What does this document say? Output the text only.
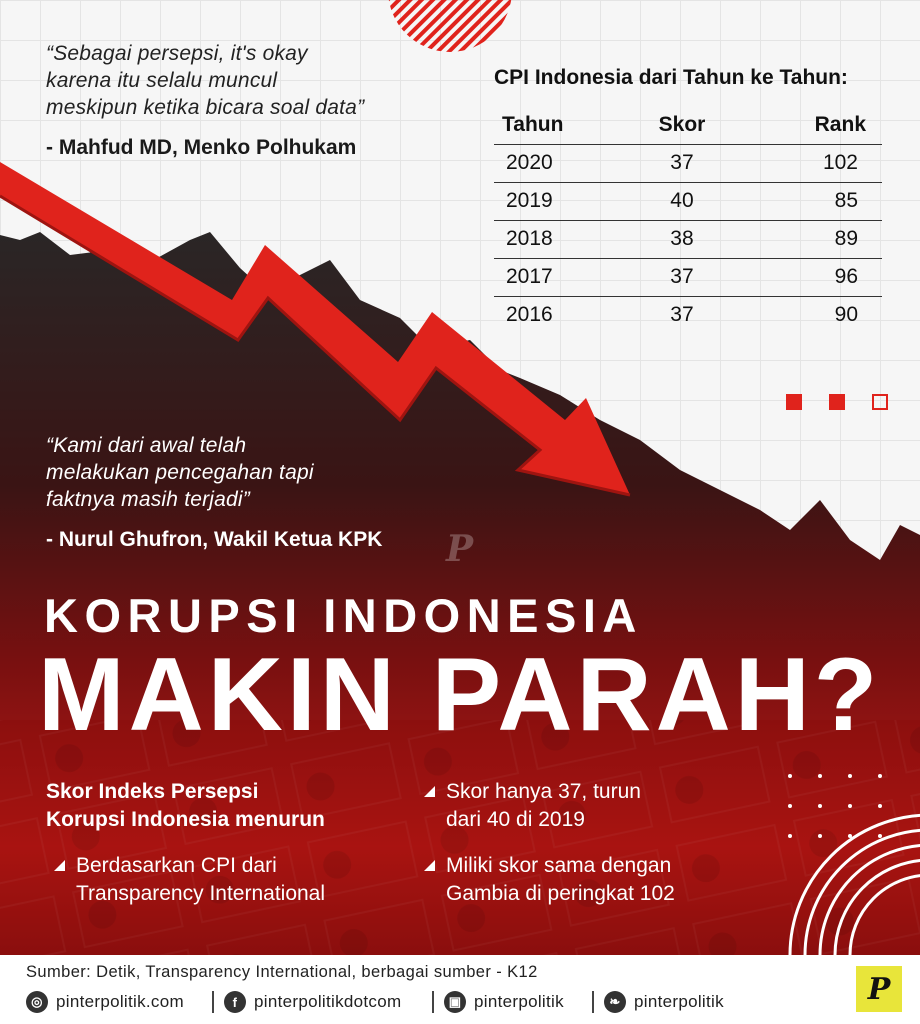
“Sebagai persepsi, it's okay
karena itu selalu muncul
meskipun ketika bicara soal data”
- Mahfud MD, Menko Polhukam
CPI Indonesia dari Tahun ke Tahun:
Tahun	Skor	Rank
2020	37	102
2019	40	85
2018	38	89
2017	37	96
2016	37	90
“Kami dari awal telah
melakukan pencegahan tapi
faktnya masih terjadi”
- Nurul Ghufron, Wakil Ketua KPK P
KORUPSI INDONESIA
MAKIN PARAH?
Skor Indeks Persepsi
Korupsi Indonesia menurun
Berdasarkan CPI dari
Transparency International
Skor hanya 37, turun
dari 40 di 2019
Miliki skor sama dengan
Gambia di peringkat 102
Sumber: Detik, Transparency International, berbagai sumber - K12
◎ pinterpolitik.com	f pinterpolitikdotcom	▣ pinterpolitik	❧ pinterpolitik	P
